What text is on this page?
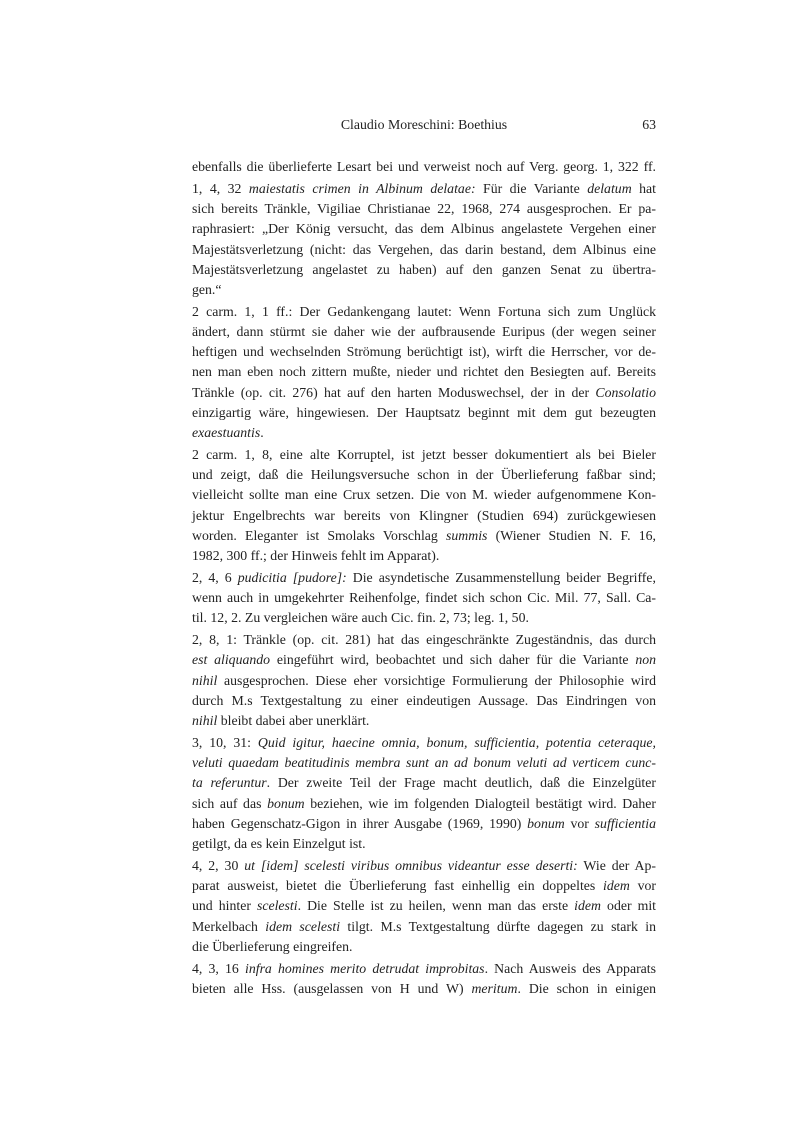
Claudio Moreschini: Boethius	63
ebenfalls die überlieferte Lesart bei und verweist noch auf Verg. georg. 1, 322 ff.
1, 4, 32 maiestatis crimen in Albinum delatae: Für die Variante delatum hat
sich bereits Tränkle, Vigiliae Christianae 22, 1968, 274 ausgesprochen. Er pa-
raphrasiert: „Der König versucht, das dem Albinus angelastete Vergehen einer
Majestätsverletzung (nicht: das Vergehen, das darin bestand, dem Albinus eine
Majestätsverletzung angelastet zu haben) auf den ganzen Senat zu übertra-
gen.“
2 carm. 1, 1 ff.: Der Gedankengang lautet: Wenn Fortuna sich zum Unglück
ändert, dann stürmt sie daher wie der aufbrausende Euripus (der wegen seiner
heftigen und wechselnden Strömung berüchtigt ist), wirft die Herrscher, vor de-
nen man eben noch zittern mußte, nieder und richtet den Besiegten auf. Bereits
Tränkle (op. cit. 276) hat auf den harten Moduswechsel, der in der Consolatio
einzigartig wäre, hingewiesen. Der Hauptsatz beginnt mit dem gut bezeugten
exaestuantis.
2 carm. 1, 8, eine alte Korruptel, ist jetzt besser dokumentiert als bei Bieler
und zeigt, daß die Heilungsversuche schon in der Überlieferung faßbar sind;
vielleicht sollte man eine Crux setzen. Die von M. wieder aufgenommene Kon-
jektur Engelbrechts war bereits von Klingner (Studien 694) zurückgewiesen
worden. Eleganter ist Smolaks Vorschlag summis (Wiener Studien N. F. 16,
1982, 300 ff.; der Hinweis fehlt im Apparat).
2, 4, 6 pudicitia [pudore]: Die asyndetische Zusammenstellung beider Begriffe,
wenn auch in umgekehrter Reihenfolge, findet sich schon Cic. Mil. 77, Sall. Ca-
til. 12, 2. Zu vergleichen wäre auch Cic. fin. 2, 73; leg. 1, 50.
2, 8, 1: Tränkle (op. cit. 281) hat das eingeschränkte Zugeständnis, das durch
est aliquando eingeführt wird, beobachtet und sich daher für die Variante non
nihil ausgesprochen. Diese eher vorsichtige Formulierung der Philosophie wird
durch M.s Textgestaltung zu einer eindeutigen Aussage. Das Eindringen von
nihil bleibt dabei aber unerklärt.
3, 10, 31: Quid igitur, haecine omnia, bonum, sufficientia, potentia ceteraque,
veluti quaedam beatitudinis membra sunt an ad bonum veluti ad verticem cunc-
ta referuntur. Der zweite Teil der Frage macht deutlich, daß die Einzelgüter
sich auf das bonum beziehen, wie im folgenden Dialogteil bestätigt wird. Daher
haben Gegenschatz-Gigon in ihrer Ausgabe (1969, 1990) bonum vor sufficientia
getilgt, da es kein Einzelgut ist.
4, 2, 30 ut [idem] scelesti viribus omnibus videantur esse deserti: Wie der Ap-
parat ausweist, bietet die Überlieferung fast einhellig ein doppeltes idem vor
und hinter scelesti. Die Stelle ist zu heilen, wenn man das erste idem oder mit
Merkelbach idem scelesti tilgt. M.s Textgestaltung dürfte dagegen zu stark in
die Überlieferung eingreifen.
4, 3, 16 infra homines merito detrudat improbitas. Nach Ausweis des Apparats
bieten alle Hss. (ausgelassen von H und W) meritum. Die schon in einigen
